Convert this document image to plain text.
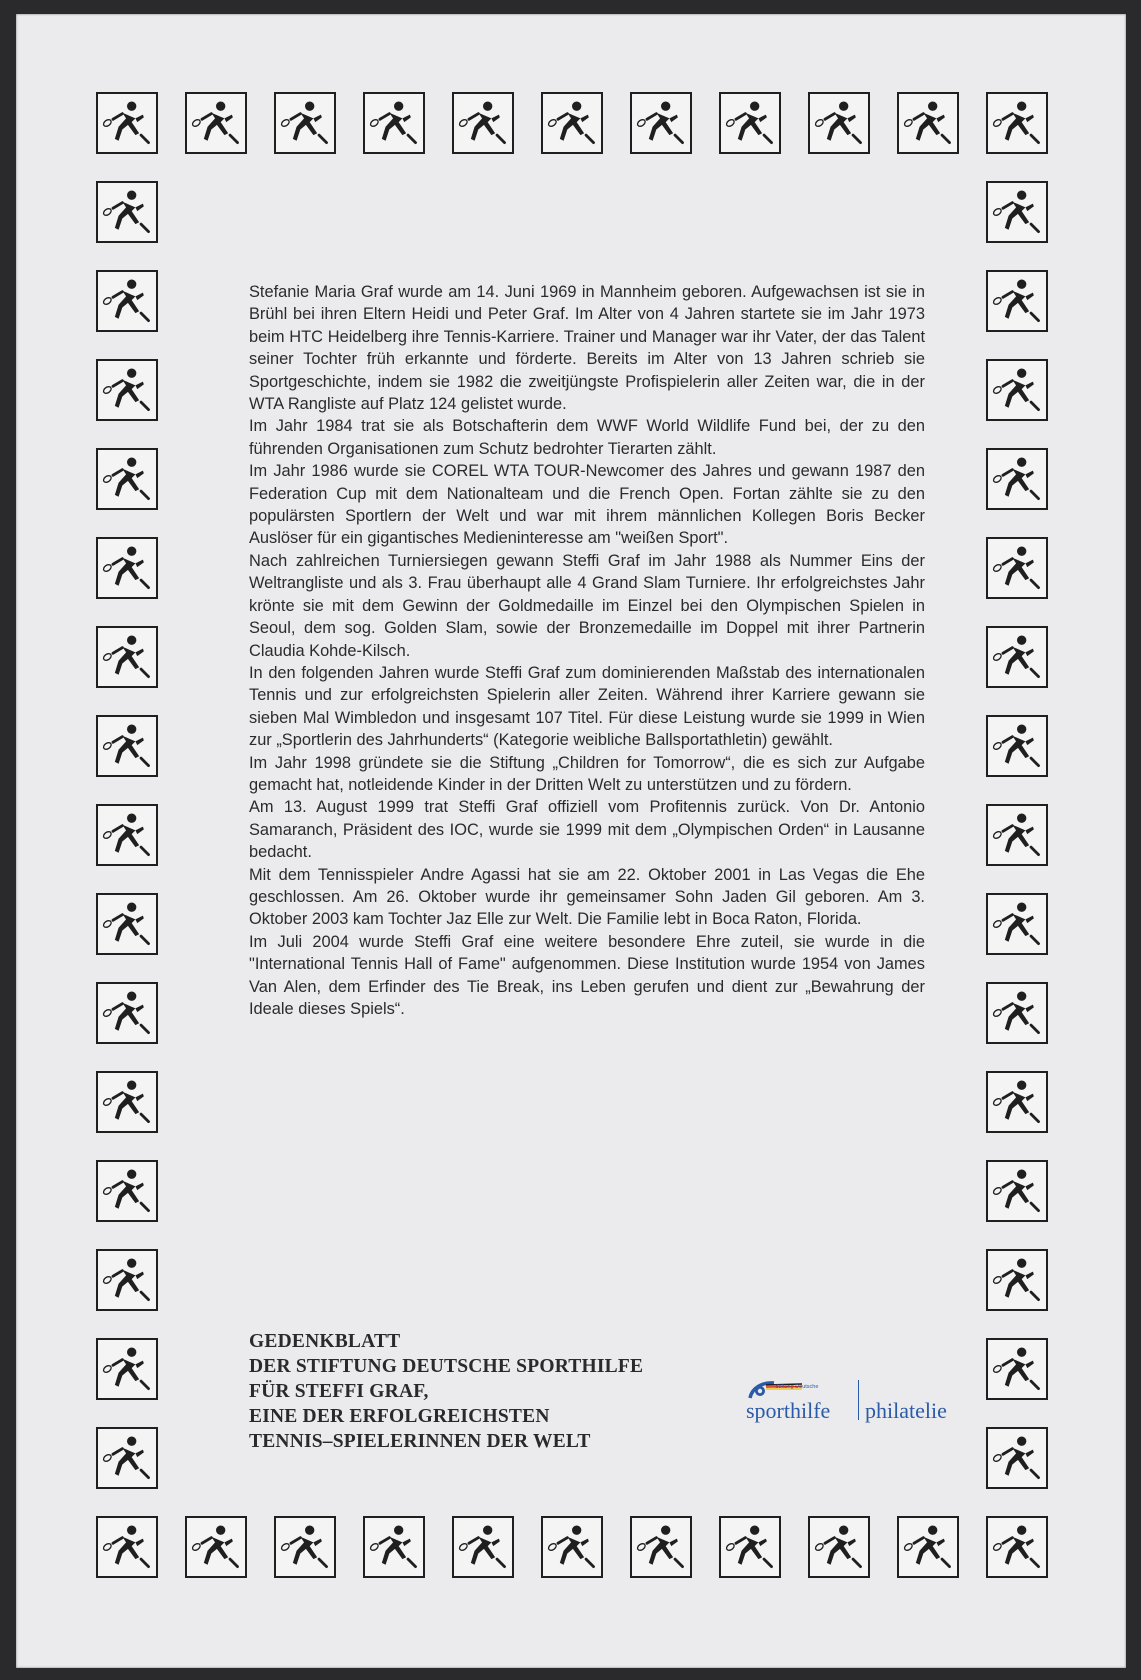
Stefanie Maria Graf wurde am 14. Juni 1969 in Mannheim geboren. Aufgewachsen ist sie in Brühl bei ihren Eltern Heidi und Peter Graf. Im Alter von 4 Jahren startete sie im Jahr 1973 beim HTC Heidelberg ihre Tennis-Karriere. Trainer und Manager war ihr Vater, der das Talent seiner Tochter früh erkannte und förderte. Bereits im Alter von 13 Jahren schrieb sie Sportgeschichte, indem sie 1982 die zweitjüngste Profispielerin aller Zeiten war, die in der WTA Rangliste auf Platz 124 gelistet wurde.

Im Jahr 1984 trat sie als Botschafterin dem WWF World Wildlife Fund bei, der zu den führenden Organisationen zum Schutz bedrohter Tierarten zählt.

Im Jahr 1986 wurde sie COREL WTA TOUR-Newcomer des Jahres und gewann 1987 den Federation Cup mit dem Nationalteam und die French Open. Fortan zählte sie zu den populärsten Sportlern der Welt und war mit ihrem männlichen Kollegen Boris Becker Auslöser für ein gigantisches Medieninteresse am "weißen Sport".

Nach zahlreichen Turniersiegen gewann Steffi Graf im Jahr 1988 als Nummer Eins der Weltrangliste und als 3. Frau überhaupt alle 4 Grand Slam Turniere. Ihr erfolgreichstes Jahr krönte sie mit dem Gewinn der Goldmedaille im Einzel bei den Olympischen Spielen in Seoul, dem sog. Golden Slam, sowie der Bronzemedaille im Doppel mit ihrer Partnerin Claudia Kohde-Kilsch.

In den folgenden Jahren wurde Steffi Graf zum dominierenden Maßstab des internationalen Tennis und zur erfolgreichsten Spielerin aller Zeiten. Während ihrer Karriere gewann sie sieben Mal Wimbledon und insgesamt 107 Titel. Für diese Leistung wurde sie 1999 in Wien zur „Sportlerin des Jahrhunderts“ (Kategorie weibliche Ballsportathletin) gewählt.

Im Jahr 1998 gründete sie die Stiftung „Children for Tomorrow“, die es sich zur Aufgabe gemacht hat, notleidende Kinder in der Dritten Welt zu unterstützen und zu fördern.

Am 13. August 1999 trat Steffi Graf offiziell vom Profitennis zurück. Von Dr. Antonio Samaranch, Präsident des IOC, wurde sie 1999 mit dem „Olympischen Orden“ in Lausanne bedacht.

Mit dem Tennisspieler Andre Agassi hat sie am 22. Oktober 2001 in Las Vegas die Ehe geschlossen. Am 26. Oktober wurde ihr gemeinsamer Sohn Jaden Gil geboren. Am 3. Oktober 2003 kam Tochter Jaz Elle zur Welt. Die Familie lebt in Boca Raton, Florida.

Im Juli 2004 wurde Steffi Graf eine weitere besondere Ehre zuteil, sie wurde in die "International Tennis Hall of Fame" aufgenommen. Diese Institution wurde 1954 von James Van Alen, dem Erfinder des Tie Break, ins Leben gerufen und dient zur „Bewahrung der Ideale dieses Spiels“.

GEDENKBLATT
DER STIFTUNG DEUTSCHE SPORTHILFE
FÜR STEFFI GRAF,
EINE DER ERFOLGREICHSTEN
TENNIS–SPIELERINNEN DER WELT
Stiftung Deutsche
sporthilfe philatelie
